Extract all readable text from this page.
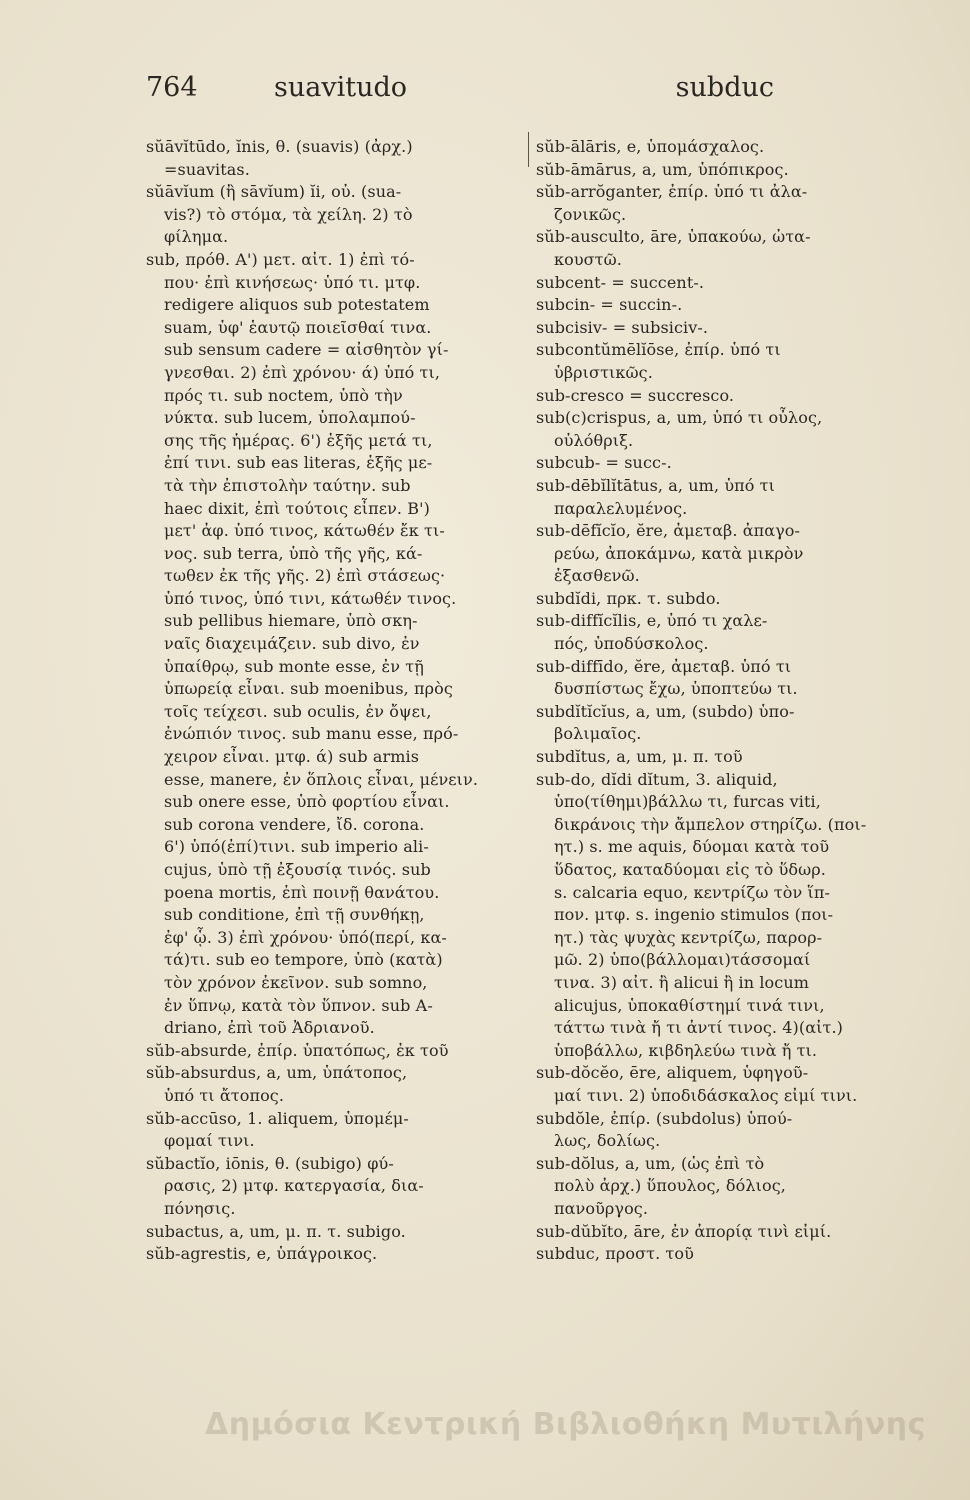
764	suavitudo	subduc
sŭāvĭtūdo, ĭnis, θ. (suavis) (ἀρχ.)
=suavitas.
sŭāvĭum (ἢ sāvĭum) ĭi, οὐ. (sua-
vis?) τὸ στόμα, τὰ χείλη. 2) τὸ
φίλημα.
sub, πρόθ. Α') μετ. αἰτ. 1) ἐπὶ τό-
που· ἐπὶ κινήσεως· ὑπό τι. μτφ.
redigere aliquos sub potestatem
suam, ὑφ' ἑαυτῷ ποιεῖσθαί τινα.
sub sensum cadere = αἰσθητὸν γί-
γνεσθαι. 2) ἐπὶ χρόνου· ά) ὑπό τι,
πρός τι. sub noctem, ὑπὸ τὴν
νύκτα. sub lucem, ὑπολαμπού-
σης τῆς ἡμέρας. 6') ἑξῆς μετά τι,
ἐπί τινι. sub eas literas, ἑξῆς με-
τὰ τὴν ἐπιστολὴν ταύτην. sub
haec dixit, ἐπὶ τούτοις εἶπεν. Β')
μετ' ἀφ. ὑπό τινος, κάτωθέν ἔκ τι-
νος. sub terra, ὑπὸ τῆς γῆς, κά-
τωθεν ἐκ τῆς γῆς. 2) ἐπὶ στάσεως·
ὑπό τινος, ὑπό τινι, κάτωθέν τινος.
sub pellibus hiemare, ὑπὸ σκη-
ναῖς διαχειμάζειν. sub divo, ἐν
ὑπαίθρῳ, sub monte esse, ἐν τῇ
ὑπωρείᾳ εἶναι. sub moenibus, πρὸς
τοῖς τείχεσι. sub oculis, ἐν ὄψει,
ἐνώπιόν τινος. sub manu esse, πρό-
χειρον εἶναι. μτφ. ά) sub armis
esse, manere, ἐν ὅπλοις εἶναι, μένειν.
sub onere esse, ὑπὸ φορτίου εἶναι.
sub corona vendere, ἴδ. corona.
6') ὑπό(ἐπί)τινι. sub imperio ali-
cujus, ὑπὸ τῇ ἐξουσίᾳ τινός. sub
poena mortis, ἐπὶ ποινῇ θανάτου.
sub conditione, ἐπὶ τῇ συνθήκῃ,
ἐφ' ᾧ. 3) ἐπὶ χρόνου· ὑπό(περί, κα-
τά)τι. sub eo tempore, ὑπὸ (κατὰ)
τὸν χρόνον ἐκεῖνον. sub somno,
ἐν ὕπνῳ, κατὰ τὸν ὕπνον. sub A-
driano, ἐπὶ τοῦ Ἀδριανοῦ.
sŭb-absurde, ἐπίρ. ὑπατόπως, ἐκ τοῦ
sŭb-absurdus, a, um, ὑπάτοπος,
ὑπό τι ἄτοπος.
sŭb-accūso, 1. aliquem, ὑπομέμ-
φομαί τινι.
sŭbactĭo, iōnis, θ. (subigo) φύ-
ρασις, 2) μτφ. κατεργασία, δια-
πόνησις.
subactus, a, um, μ. π. τ. subigo.
sŭb-agrestis, e, ὑπάγροικος.
sŭb-ālāris, e, ὑπομάσχαλος.
sŭb-āmārus, a, um, ὑπόπικρος.
sŭb-arrŏganter, ἐπίρ. ὑπό τι ἀλα-
ζονικῶς.
sŭb-ausculto, āre, ὑπακούω, ὠτα-
κουστῶ.
subcent- = succent-.
subcin- = succin-.
subcisiv- = subsiciv-.
subcontŭmēlĭōse, ἐπίρ. ὑπό τι
ὑβριστικῶς.
sub-cresco = succresco.
sub(c)crispus, a, um, ὑπό τι οὖλος,
οὐλόθριξ.
subcub- = succ-.
sub-dēbĭlĭtātus, a, um, ὑπό τι
παραλελυμένος.
sub-dēfĭcĭo, ĕre, ἀμεταβ. ἀπαγο-
ρεύω, ἀποκάμνω, κατὰ μικρὸν
ἐξασθενῶ.
subdĭdi, πρκ. τ. subdo.
sub-diffĭcĭlis, e, ὑπό τι χαλε-
πός, ὑποδύσκολος.
sub-diffīdo, ĕre, ἀμεταβ. ὑπό τι
δυσπίστως ἔχω, ὑποπτεύω τι.
subdĭtĭcĭus, a, um, (subdo) ὑπο-
βολιμαῖος.
subdĭtus, a, um, μ. π. τοῦ
sub-do, dĭdi dĭtum, 3. aliquid,
ὑπο(τίθημι)βάλλω τι, furcas viti,
δικράνοις τὴν ἄμπελον στηρίζω. (ποι-
ητ.) s. me aquis, δύομαι κατὰ τοῦ
ὕδατος, καταδύομαι εἰς τὸ ὕδωρ.
s. calcaria equo, κεντρίζω τὸν ἵπ-
πον. μτφ. s. ingenio stimulos (ποι-
ητ.) τὰς ψυχὰς κεντρίζω, παρορ-
μῶ. 2) ὑπο(βάλλομαι)τάσσομαί
τινα. 3) αἰτ. ἢ alicui ἢ in locum
alicujus, ὑποκαθίστημί τινά τινι,
τάττω τινὰ ἤ τι ἀντί τινος. 4)(αἰτ.)
ὑποβάλλω, κιβδηλεύω τινὰ ἤ τι.
sub-dŏcĕo, ēre, aliquem, ὑφηγοῦ-
μαί τινι. 2) ὑποδιδάσκαλος εἰμί τινι.
subdŏle, ἐπίρ. (subdolus) ὑπού-
λως, δολίως.
sub-dŏlus, a, um, (ὡς ἐπὶ τὸ
πολὺ ἀρχ.) ὕπουλος, δόλιος,
πανοῦργος.
sub-dŭbĭto, āre, ἐν ἀπορίᾳ τινὶ εἰμί.
subduc, προστ. τοῦ
Δημόσια Κεντρική Βιβλιοθήκη Μυτιλήνης
